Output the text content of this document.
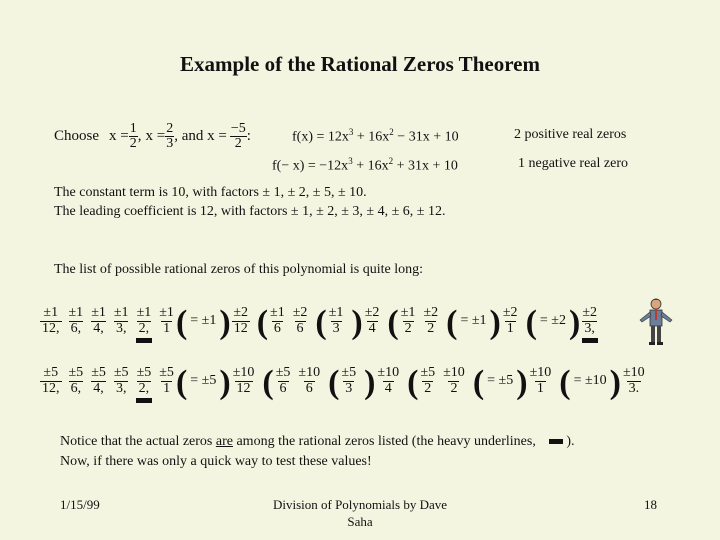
Example of the Rational Zeros Theorem
Choose $x = \frac{1}{2}$ , $x = \frac{2}{3}$ , and $x = \frac{-5}{2}$ :	$f(x) = 12x^3 + 16x^2 - 31x + 10$	2 positive real zeros
$f(- x) = -12x^3 + 16x^2 + 31x + 10$	1 negative real zero
The constant term is 10, with factors ± 1, ± 2, ± 5, ± 10.
The leading coefficient is 12, with factors ± 1, ± 2, ± 3, ± 4, ± 6, ± 12.
The list of possible rational zeros of this polynomial is quite long:
±1
12,
±1
6,
±1
4,
±1
3,
±1
2,
±1
1 ( = ±1 ) ±2
12 ( ±1
6
±2
6 ( ±1
3 ) ±2
4 ( ±1
2
±2
2 ( = ±1 ) ±2
1 ( = ±2 ) ±2
3,
±5
12,
±5
6,
±5
4,
±5
3,
±5
2,
±5
1 ( = ±5 ) ±10
12 ( ±5
6
±10
6 ( ±5
3 ) ±10
4 ( ±5
2
±10
2 ( = ±5 ) ±10
1 ( = ±10 ) ±10
3.
Notice that the actual zeros are among the rational zeros listed (the heavy underlines, ).
Now, if there was only a quick way to test these values!
1/15/99	Division of Polynomials by Dave
Saha
18
